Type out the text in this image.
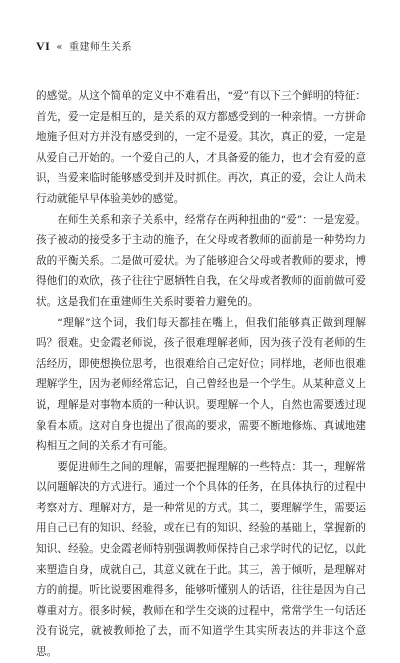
VI « 重建师生关系

的感觉。从这个简单的定义中不难看出，“爱”有以下三个鲜明的特征：首先，爱一定是相互的，是关系的双方都感受到的一种亲情。一方拼命地施予但对方并没有感受到的，一定不是爱。其次，真正的爱，一定是从爱自己开始的。一个爱自己的人，才具备爱的能力，也才会有爱的意识，当爱来临时能够感受到并及时抓住。再次，真正的爱，会让人尚未行动就能早早体验美妙的感觉。

在师生关系和亲子关系中，经常存在两种扭曲的“爱”：一是宠爱。孩子被动的接受多于主动的施予，在父母或者教师的面前是一种势均力敌的平衡关系。二是做可爱状。为了能够迎合父母或者教师的要求，博得他们的欢欣，孩子往往宁愿牺牲自我，在父母或者教师的面前做可爱状。这是我们在重建师生关系时要着力避免的。

“理解”这个词，我们每天都挂在嘴上，但我们能够真正做到理解吗？很难。史金霞老师说，孩子很难理解老师，因为孩子没有老师的生活经历，即使想换位思考，也很难给自己定好位；同样地，老师也很难理解学生，因为老师经常忘记，自己曾经也是一个学生。从某种意义上说，理解是对事物本质的一种认识。要理解一个人，自然也需要透过现象看本质。这对自身也提出了很高的要求，需要不断地修炼、真诚地建构相互之间的关系才有可能。

要促进师生之间的理解，需要把握理解的一些特点：其一，理解常以问题解决的方式进行。通过一个个具体的任务，在具体执行的过程中考察对方、理解对方，是一种常见的方式。其二，要理解学生，需要运用自己已有的知识、经验，或在已有的知识、经验的基础上，掌握新的知识、经验。史金霞老师特别强调教师保持自己求学时代的记忆，以此来塑造自身，成就自己，其意义就在于此。其三，善于倾听，是理解对方的前提。听比说要困难得多，能够听懂别人的话语，往往是因为自己尊重对方。很多时候，教师在和学生交谈的过程中，常常学生一句话还没有说完，就被教师抢了去，而不知道学生其实所表达的并非这个意思。
